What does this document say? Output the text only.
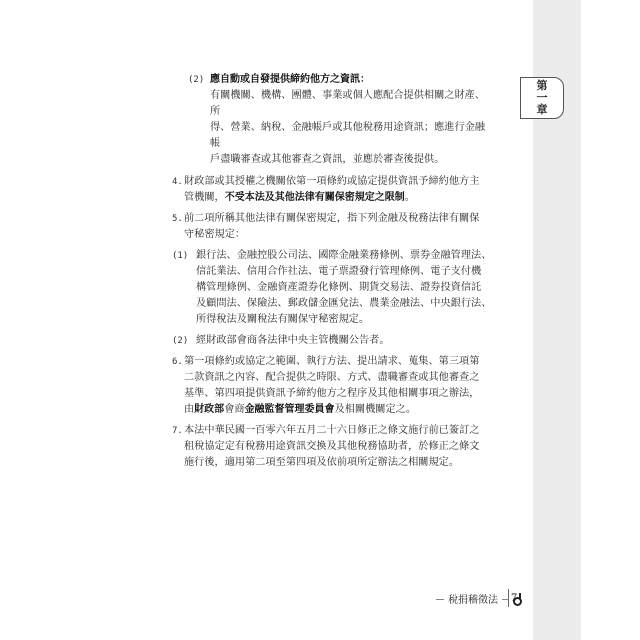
第
一
章
(2) 應自動或自發提供締約他方之資訊：
有關機關、機構、團體、事業或個人應配合提供相關之財產、所
得、營業、納稅、金融帳戶或其他稅務用途資訊；應進行金融帳
戶盡職審查或其他審查之資訊，並應於審查後提供。
4. 財政部或其授權之機關依第一項條約或協定提供資訊予締約他方主
管機關，不受本法及其他法律有關保密規定之限制。
5. 前二項所稱其他法律有關保密規定，指下列金融及稅務法律有關保
守秘密規定：
(1) 銀行法、金融控股公司法、國際金融業務條例、票券金融管理法、
信託業法、信用合作社法、電子票證發行管理條例、電子支付機
構管理條例、金融資產證券化條例、期貨交易法、證券投資信託
及顧問法、保險法、郵政儲金匯兌法、農業金融法、中央銀行法、
所得稅法及關稅法有關保守秘密規定。
(2) 經財政部會商各法律中央主管機關公告者。
6. 第一項條約或協定之範圍、執行方法、提出請求、蒐集、第三項第
二款資訊之內容、配合提供之時限、方式、盡職審查或其他審查之
基準、第四項提供資訊予締約他方之程序及其他相關事項之辦法，
由財政部會商金融監督管理委員會及相關機關定之。
7. 本法中華民國一百零六年五月二十六日修正之條文施行前已簽訂之
租稅協定定有稅務用途資訊交換及其他稅務協助者，於修正之條文
施行後，適用第二項至第四項及依前項所定辦法之相關規定。
稅捐稽徵法	7
